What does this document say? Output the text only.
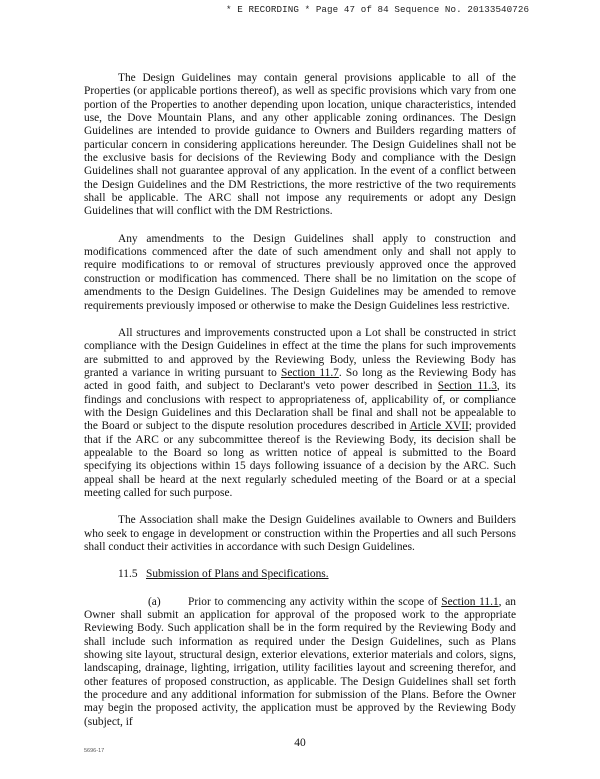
* E RECORDING * Page 47 of 84 Sequence No. 20133540726

The Design Guidelines may contain general provisions applicable to all of the Properties (or applicable portions thereof), as well as specific provisions which vary from one portion of the Properties to another depending upon location, unique characteristics, intended use, the Dove Mountain Plans, and any other applicable zoning ordinances. The Design Guidelines are intended to provide guidance to Owners and Builders regarding matters of particular concern in considering applications hereunder. The Design Guidelines shall not be the exclusive basis for decisions of the Reviewing Body and compliance with the Design Guidelines shall not guarantee approval of any application. In the event of a conflict between the Design Guidelines and the DM Restrictions, the more restrictive of the two requirements shall be applicable. The ARC shall not impose any requirements or adopt any Design Guidelines that will conflict with the DM Restrictions.

Any amendments to the Design Guidelines shall apply to construction and modifications commenced after the date of such amendment only and shall not apply to require modifications to or removal of structures previously approved once the approved construction or modification has commenced. There shall be no limitation on the scope of amendments to the Design Guidelines. The Design Guidelines may be amended to remove requirements previously imposed or otherwise to make the Design Guidelines less restrictive.

All structures and improvements constructed upon a Lot shall be constructed in strict compliance with the Design Guidelines in effect at the time the plans for such improvements are submitted to and approved by the Reviewing Body, unless the Reviewing Body has granted a variance in writing pursuant to Section 11.7. So long as the Reviewing Body has acted in good faith, and subject to Declarant's veto power described in Section 11.3, its findings and conclusions with respect to appropriateness of, applicability of, or compliance with the Design Guidelines and this Declaration shall be final and shall not be appealable to the Board or subject to the dispute resolution procedures described in Article XVII; provided that if the ARC or any subcommittee thereof is the Reviewing Body, its decision shall be appealable to the Board so long as written notice of appeal is submitted to the Board specifying its objections within 15 days following issuance of a decision by the ARC. Such appeal shall be heard at the next regularly scheduled meeting of the Board or at a special meeting called for such purpose.

The Association shall make the Design Guidelines available to Owners and Builders who seek to engage in development or construction within the Properties and all such Persons shall conduct their activities in accordance with such Design Guidelines.

11.5 Submission of Plans and Specifications.

(a) Prior to commencing any activity within the scope of Section 11.1, an Owner shall submit an application for approval of the proposed work to the appropriate Reviewing Body. Such application shall be in the form required by the Reviewing Body and shall include such information as required under the Design Guidelines, such as Plans showing site layout, structural design, exterior elevations, exterior materials and colors, signs, landscaping, drainage, lighting, irrigation, utility facilities layout and screening therefor, and other features of proposed construction, as applicable. The Design Guidelines shall set forth the procedure and any additional information for submission of the Plans. Before the Owner may begin the proposed activity, the application must be approved by the Reviewing Body (subject, if

5696-17
40
